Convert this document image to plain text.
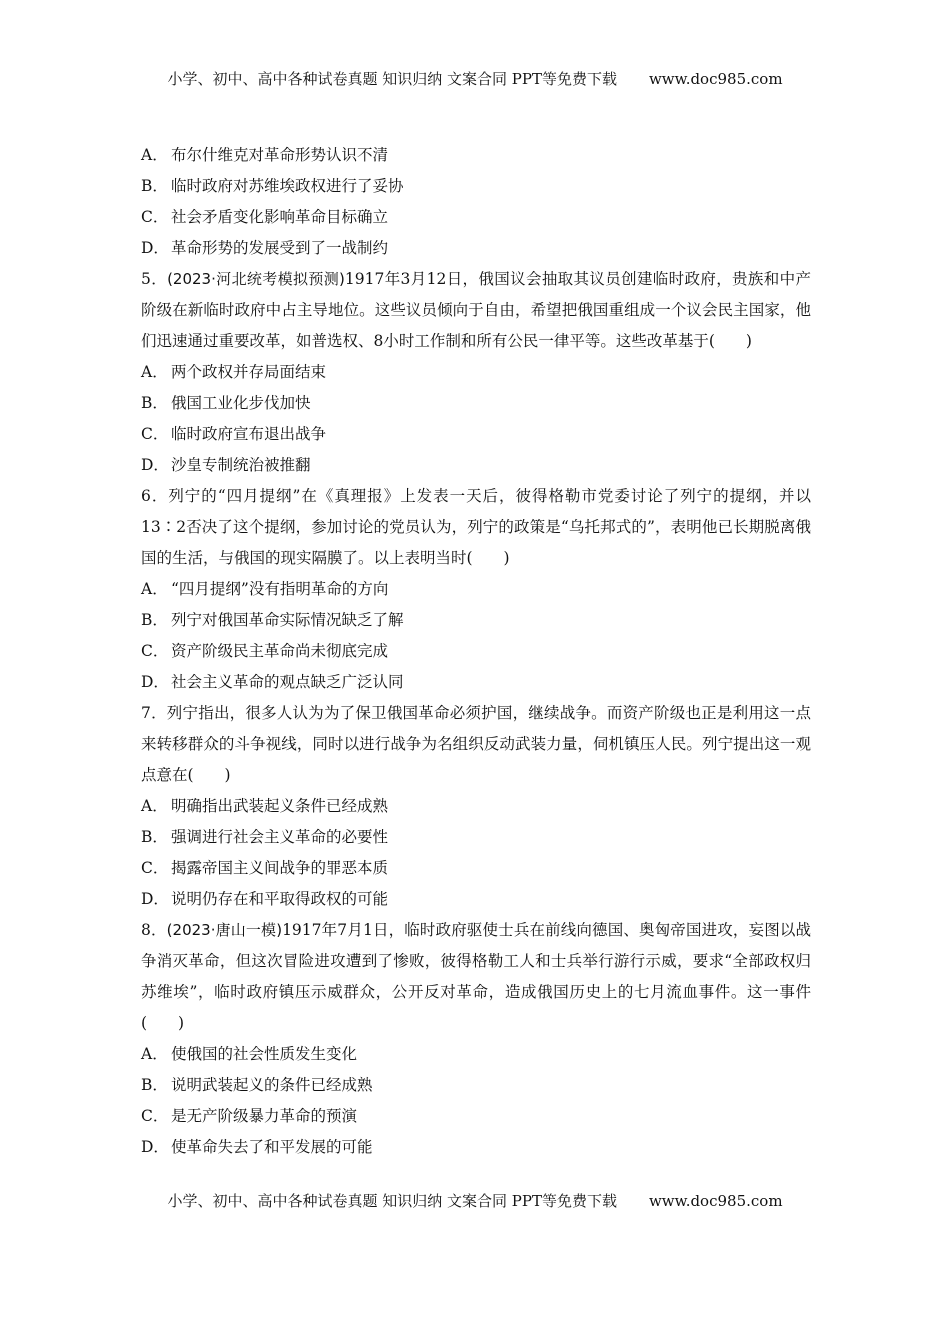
小学、初中、高中各种试卷真题 知识归纳 文案合同 PPT等免费下载 www.doc985.com
A． 布尔什维克对革命形势认识不清
B． 临时政府对苏维埃政权进行了妥协
C． 社会矛盾变化影响革命目标确立
D． 革命形势的发展受到了一战制约
5．(2023·河北统考模拟预测)1917年3月12日，俄国议会抽取其议员创建临时政府，贵族和中产阶级在新临时政府中占主导地位。这些议员倾向于自由，希望把俄国重组成一个议会民主国家，他们迅速通过重要改革，如普选权、8小时工作制和所有公民一律平等。这些改革基于(　　)
A． 两个政权并存局面结束
B． 俄国工业化步伐加快
C． 临时政府宣布退出战争
D． 沙皇专制统治被推翻
6．列宁的“四月提纲”在《真理报》上发表一天后，彼得格勒市党委讨论了列宁的提纲，并以13∶2否决了这个提纲，参加讨论的党员认为，列宁的政策是“乌托邦式的”，表明他已长期脱离俄国的生活，与俄国的现实隔膜了。以上表明当时(　　)
A． “四月提纲”没有指明革命的方向
B． 列宁对俄国革命实际情况缺乏了解
C． 资产阶级民主革命尚未彻底完成
D． 社会主义革命的观点缺乏广泛认同
7．列宁指出，很多人认为为了保卫俄国革命必须护国，继续战争。而资产阶级也正是利用这一点来转移群众的斗争视线，同时以进行战争为名组织反动武装力量，伺机镇压人民。列宁提出这一观点意在(　　)
A． 明确指出武装起义条件已经成熟
B． 强调进行社会主义革命的必要性
C． 揭露帝国主义间战争的罪恶本质
D． 说明仍存在和平取得政权的可能
8．(2023·唐山一模)1917年7月1日，临时政府驱使士兵在前线向德国、奥匈帝国进攻，妄图以战争消灭革命，但这次冒险进攻遭到了惨败，彼得格勒工人和士兵举行游行示威，要求“全部政权归苏维埃”，临时政府镇压示威群众，公开反对革命，造成俄国历史上的七月流血事件。这一事件(　　)
A． 使俄国的社会性质发生变化
B． 说明武装起义的条件已经成熟
C． 是无产阶级暴力革命的预演
D． 使革命失去了和平发展的可能
小学、初中、高中各种试卷真题 知识归纳 文案合同 PPT等免费下载 www.doc985.com
